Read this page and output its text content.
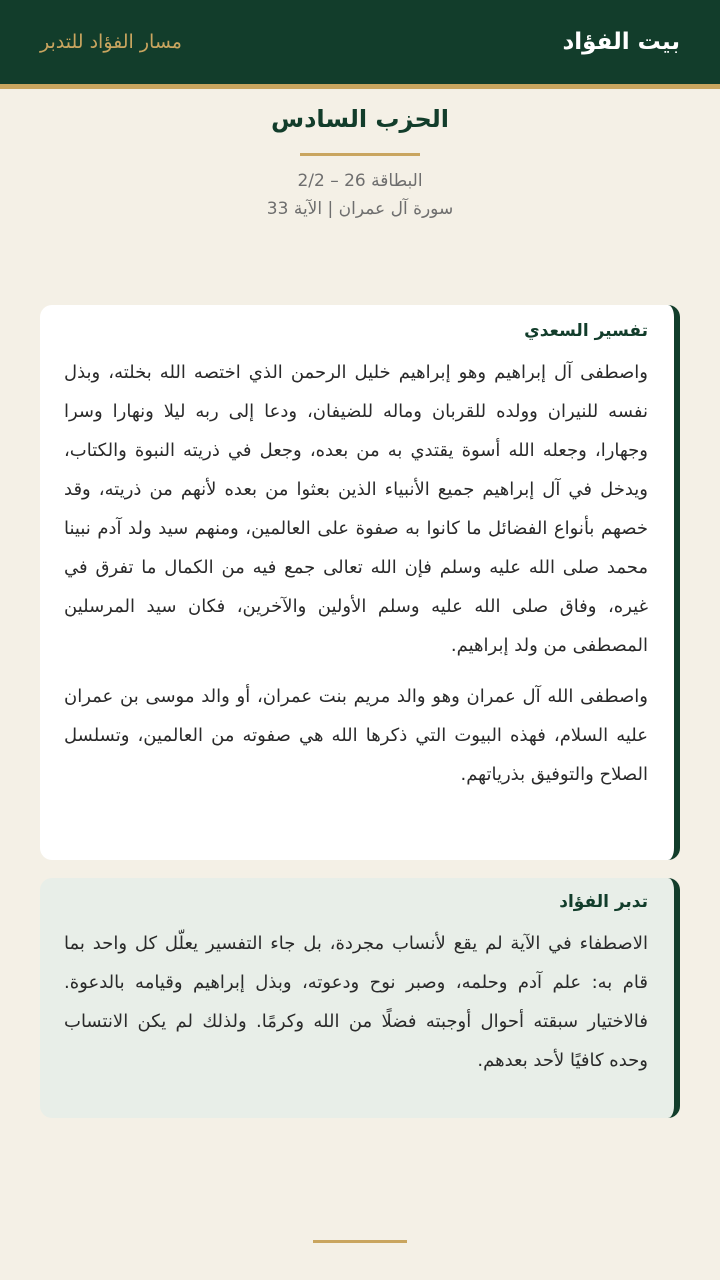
بيت الفؤاد
مسار الفؤاد للتدبر
الحزب السادس
البطاقة 26 – 2/2
سورة آل عمران | الآية 33
تفسير السعدي

واصطفى آل إبراهيم وهو إبراهيم خليل الرحمن الذي اختصه الله بخلته، وبذل نفسه للنيران وولده للقربان وماله للضيفان، ودعا إلى ربه ليلا ونهارا وسرا وجهارا، وجعله الله أسوة يقتدي به من بعده، وجعل في ذريته النبوة والكتاب، ويدخل في آل إبراهيم جميع الأنبياء الذين بعثوا من بعده لأنهم من ذريته، وقد خصهم بأنواع الفضائل ما كانوا به صفوة على العالمين، ومنهم سيد ولد آدم نبينا محمد صلى الله عليه وسلم فإن الله تعالى جمع فيه من الكمال ما تفرق في غيره، وفاق صلى الله عليه وسلم الأولين والآخرين، فكان سيد المرسلين المصطفى من ولد إبراهيم.

واصطفى الله آل عمران وهو والد مريم بنت عمران، أو والد موسى بن عمران عليه السلام، فهذه البيوت التي ذكرها الله هي صفوته من العالمين، وتسلسل الصلاح والتوفيق بذرياتهم.

تدبر الفؤاد

الاصطفاء في الآية لم يقع لأنساب مجردة، بل جاء التفسير يعلّل كل واحد بما قام به: علم آدم وحلمه، وصبر نوح ودعوته، وبذل إبراهيم وقيامه بالدعوة. فالاختيار سبقته أحوال أوجبته فضلًا من الله وكرمًا. ولذلك لم يكن الانتساب وحده كافيًا لأحد بعدهم.
